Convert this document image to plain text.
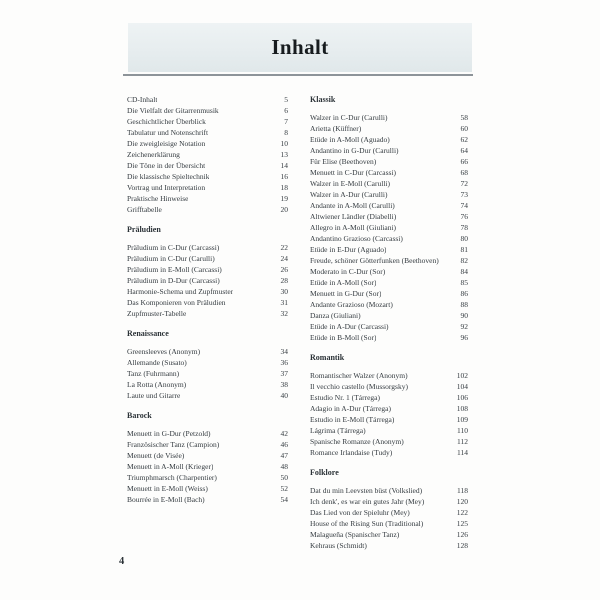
Inhalt
CD-Inhalt	5
Die Vielfalt der Gitarrenmusik	6
Geschichtlicher Überblick	7
Tabulatur und Notenschrift	8
Die zweigleisige Notation	10
Zeichenerklärung	13
Die Töne in der Übersicht	14
Die klassische Spieltechnik	16
Vortrag und Interpretation	18
Praktische Hinweise	19
Grifftabelle	20
Präludien
Präludium in C-Dur (Carcassi)	22
Präludium in C-Dur (Carulli)	24
Präludium in E-Moll (Carcassi)	26
Präludium in D-Dur (Carcassi)	28
Harmonie-Schema und Zupfmuster	30
Das Komponieren von Präludien	31
Zupfmuster-Tabelle	32
Renaissance
Greensleeves (Anonym)	34
Allemande (Susato)	36
Tanz (Fuhrmann)	37
La Rotta (Anonym)	38
Laute und Gitarre	40
Barock
Menuett in G-Dur (Petzold)	42
Französischer Tanz (Campion)	46
Menuett (de Visée)	47
Menuett in A-Moll (Krieger)	48
Triumphmarsch (Charpentier)	50
Menuett in E-Moll (Weiss)	52
Bourrée in E-Moll (Bach)	54
Klassik
Walzer in C-Dur (Carulli)	58
Arietta (Küffner)	60
Etüde in A-Moll (Aguado)	62
Andantino in G-Dur (Carulli)	64
Für Elise (Beethoven)	66
Menuett in C-Dur (Carcassi)	68
Walzer in E-Moll (Carulli)	72
Walzer in A-Dur (Carulli)	73
Andante in A-Moll (Carulli)	74
Altwiener Ländler (Diabelli)	76
Allegro in A-Moll (Giuliani)	78
Andantino Grazioso (Carcassi)	80
Etüde in E-Dur (Aguado)	81
Freude, schöner Götterfunken (Beethoven)	82
Moderato in C-Dur (Sor)	84
Etüde in A-Moll (Sor)	85
Menuett in G-Dur (Sor)	86
Andante Grazioso (Mozart)	88
Danza (Giuliani)	90
Etüde in A-Dur (Carcassi)	92
Etüde in B-Moll (Sor)	96
Romantik
Romantischer Walzer (Anonym)	102
Il vecchio castello (Mussorgsky)	104
Estudio Nr. 1 (Tárrega)	106
Adagio in A-Dur (Tárrega)	108
Estudio in E-Moll (Tárrega)	109
Lágrima (Tárrega)	110
Spanische Romanze (Anonym)	112
Romance Irlandaise (Tudy)	114
Folklore
Dat du min Leevsten büst (Volkslied)	118
Ich denk', es war ein gutes Jahr (Mey)	120
Das Lied von der Spieluhr (Mey)	122
House of the Rising Sun (Traditional)	125
Malagueña (Spanischer Tanz)	126
Kehraus (Schmidt)	128
4
